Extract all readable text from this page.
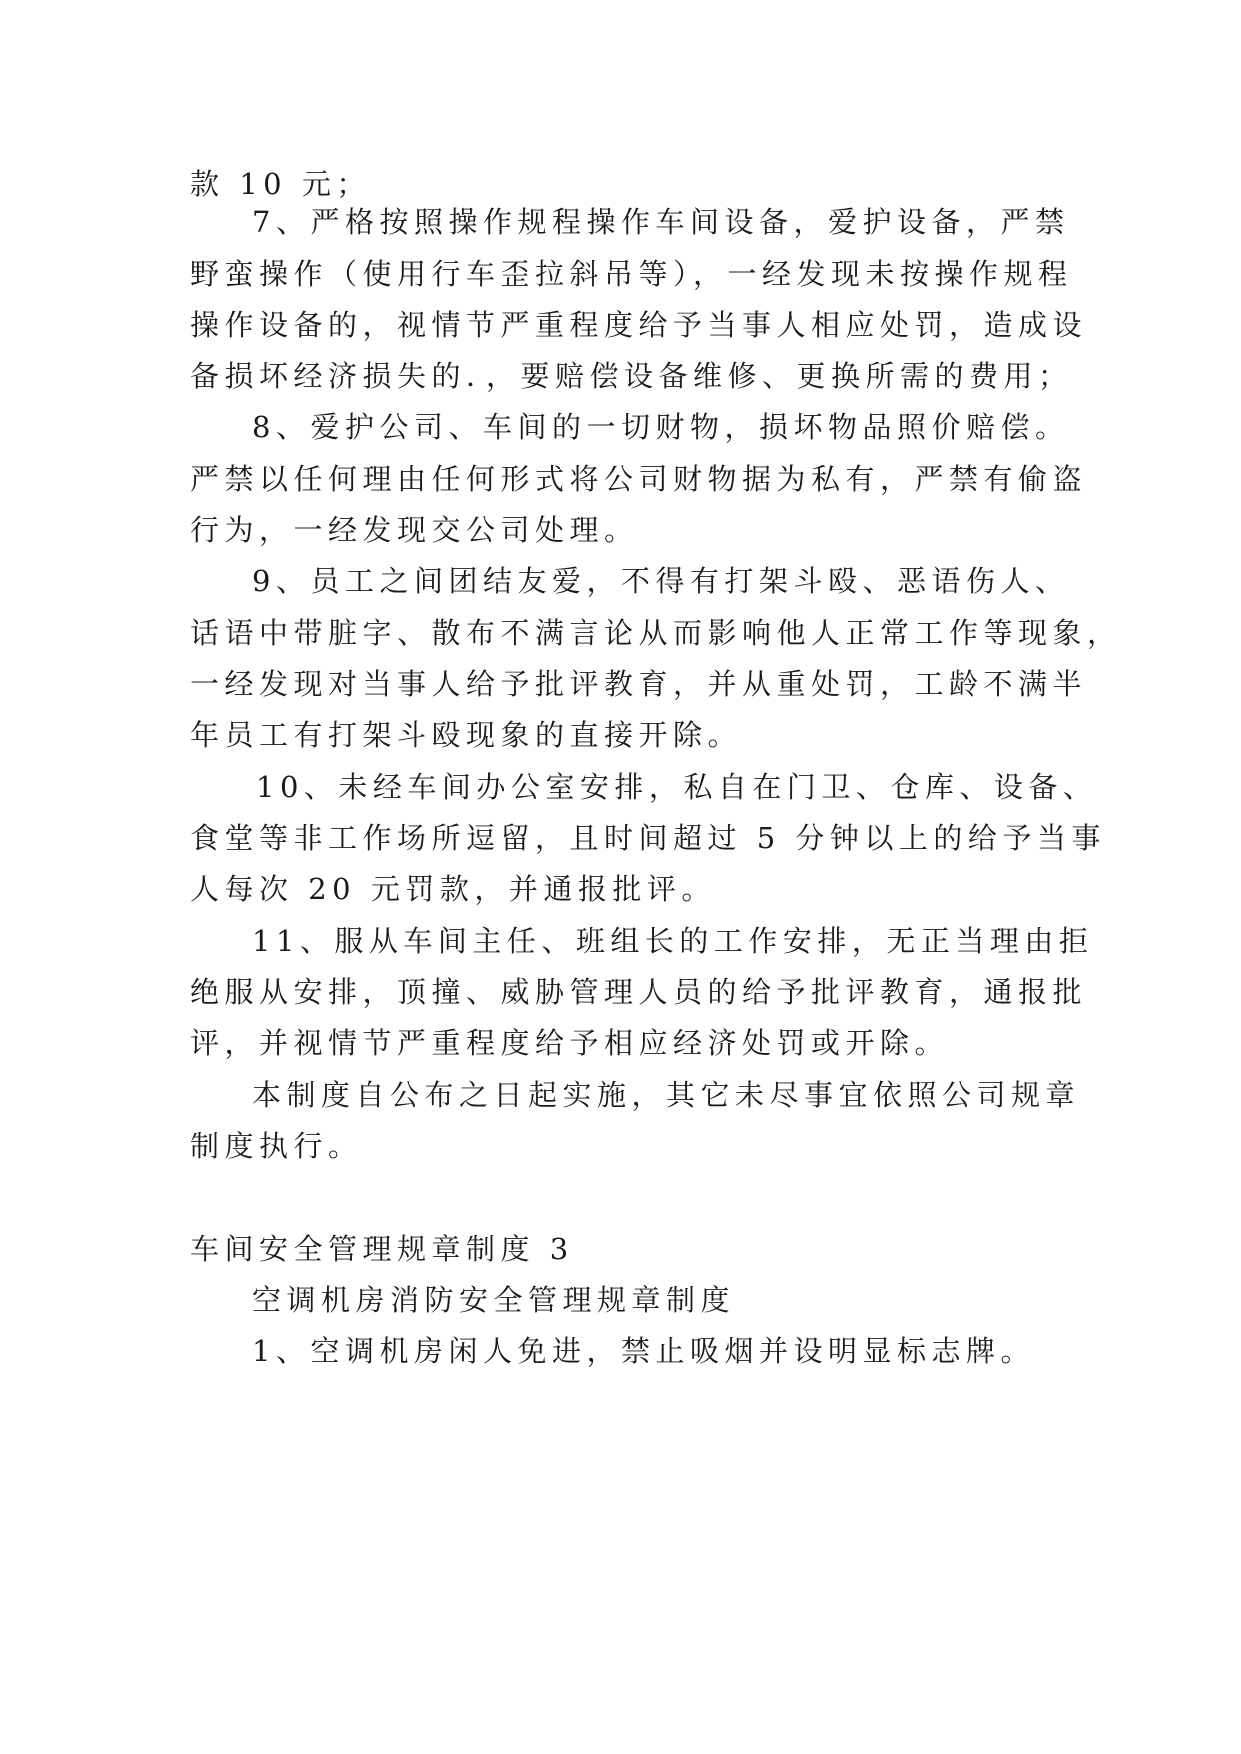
款 10 元；
7、严格按照操作规程操作车间设备，爱护设备，严禁
野蛮操作（使用行车歪拉斜吊等），一经发现未按操作规程
操作设备的，视情节严重程度给予当事人相应处罚，造成设
备损坏经济损失的．，要赔偿设备维修、更换所需的费用；
8、爱护公司、车间的一切财物，损坏物品照价赔偿。
严禁以任何理由任何形式将公司财物据为私有，严禁有偷盗
行为，一经发现交公司处理。
9、员工之间团结友爱，不得有打架斗殴、恶语伤人、
话语中带脏字、散布不满言论从而影响他人正常工作等现象，
一经发现对当事人给予批评教育，并从重处罚，工龄不满半
年员工有打架斗殴现象的直接开除。
10、未经车间办公室安排，私自在门卫、仓库、设备、
食堂等非工作场所逗留，且时间超过 5 分钟以上的给予当事
人每次 20 元罚款，并通报批评。
11、服从车间主任、班组长的工作安排，无正当理由拒
绝服从安排，顶撞、威胁管理人员的给予批评教育，通报批
评，并视情节严重程度给予相应经济处罚或开除。
本制度自公布之日起实施，其它未尽事宜依照公司规章
制度执行。
车间安全管理规章制度 3
空调机房消防安全管理规章制度
1、空调机房闲人免进，禁止吸烟并设明显标志牌。
